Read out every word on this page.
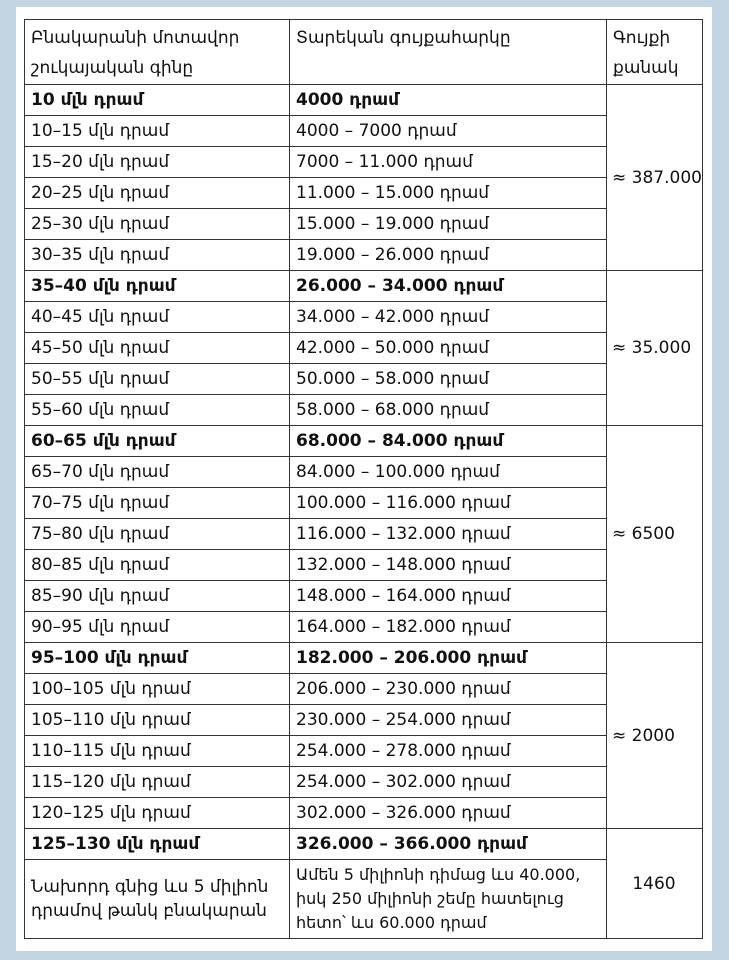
Բնակարանի մոտավոր շուկայական գինը	Տարեկան գույքահարկը	Գույքի քանակ
10 մլն դրամ	4000 դրամ	≈ 387.000
10–15 մլն դրամ	4000 – 7000 դրամ	
15–20 մլն դրամ	7000 – 11.000 դրամ	
20–25 մլն դրամ	11.000 – 15.000 դրամ	
25–30 մլն դրամ	15.000 – 19.000 դրամ	
30–35 մլն դրամ	19.000 – 26.000 դրամ	
35–40 մլն դրամ	26.000 – 34.000 դրամ	≈ 35.000
40–45 մլն դրամ	34.000 – 42.000 դրամ	
45–50 մլն դրամ	42.000 – 50.000 դրամ	
50–55 մլն դրամ	50.000 – 58.000 դրամ	
55–60 մլն դրամ	58.000 – 68.000 դրամ	
60–65 մլն դրամ	68.000 – 84.000 դրամ	≈ 6500
65–70 մլն դրամ	84.000 – 100.000 դրամ	
70–75 մլն դրամ	100.000 – 116.000 դրամ	
75–80 մլն դրամ	116.000 – 132.000 դրամ	
80–85 մլն դրամ	132.000 – 148.000 դրամ	
85–90 մլն դրամ	148.000 – 164.000 դրամ	
90–95 մլն դրամ	164.000 – 182.000 դրամ	
95–100 մլն դրամ	182.000 – 206.000 դրամ	≈ 2000
100–105 մլն դրամ	206.000 – 230.000 դրամ	
105–110 մլն դրամ	230.000 – 254.000 դրամ	
110–115 մլն դրամ	254.000 – 278.000 դրամ	
115–120 մլն դրամ	254.000 – 302.000 դրամ	
120–125 մլն դրամ	302.000 – 326.000 դրամ	
125–130 մլն դրամ	326.000 – 366.000 դրամ	1460
Նախորդ գնից ևս 5 միլիոն դրամով թանկ բնակարան	Ամեն 5 միլիոնի դիմաց ևս 40.000, իսկ 250 միլիոնի շեմը հատելուց հետո՝ ևս 60.000 դրամ	
